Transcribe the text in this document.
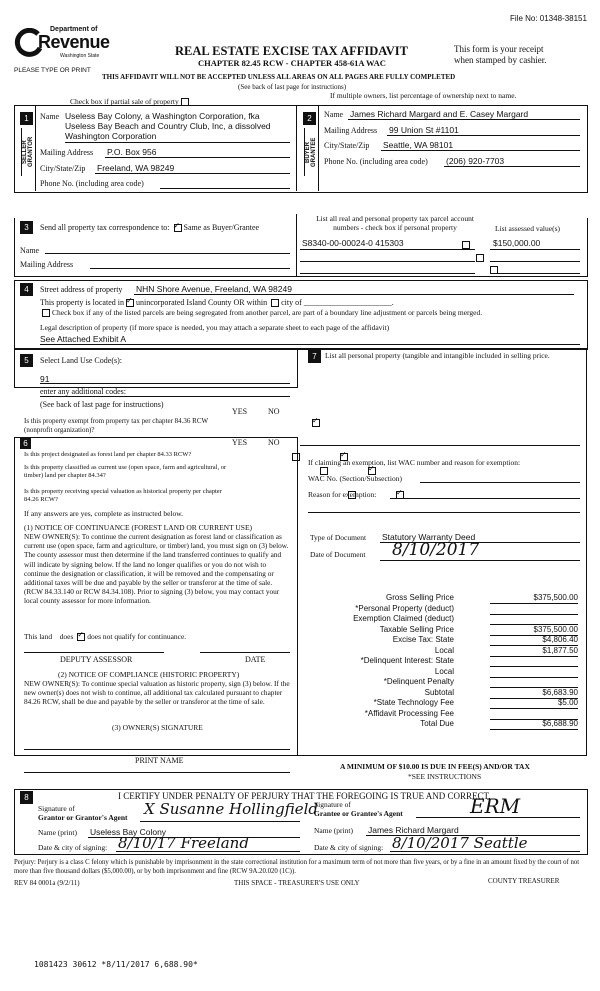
File No: 01348-38151
Department of
Revenue
Washington State
PLEASE TYPE OR PRINT
REAL ESTATE EXCISE TAX AFFIDAVIT
CHAPTER 82.45 RCW - CHAPTER 458-61A WAC
This form is your receipt
when stamped by cashier.
THIS AFFIDAVIT WILL NOT BE ACCEPTED UNLESS ALL AREAS ON ALL PAGES ARE FULLY COMPLETED
(See back of last page for instructions)
Check box if partial sale of property
If multiple owners, list percentage of ownership next to name.
1
SELLER GRANTOR
Name Useless Bay Colony, a Washington Corporation, fka
Useless Bay Beach and Country Club, Inc, a dissolved
Washington Corporation
Mailing Address P.O. Box 956
City/State/Zip Freeland, WA 98249
Phone No. (including area code)
2
BUYER GRANTEE
Name James Richard Margard and E. Casey Margard
Mailing Address 99 Union St #1101
City/State/Zip Seattle, WA 98101
Phone No. (including area code) (206) 920-7703
3	Send all property tax correspondence to: ✓ Same as Buyer/Grantee
Name
List all real and personal property tax parcel account
numbers - check box if personal property	List assessed value(s)
S8340-00-00024-0 415303
	$150,000.00

Mailing Address
4	Street address of property NHN Shore Avenue, Freeland, WA 98249
This property is located in ✓ unincorporated Island County OR within city of ______________________.
Check box if any of the listed parcels are being segregated from another parcel, are part of a boundary line adjustment or parcels being merged.
Legal description of property (if more space is needed, you may attach a separate sheet to each page of the affidavit)
See Attached Exhibit A
5	Select Land Use Code(s):
91
enter any additional codes:
(See back of last page for instructions)
YES	NO
Is this property exempt from property tax per chapter 84.36 RCW (nonprofit organization)?
✓
6	YES	NO
Is this project designated as forest land per chapter 84.33 RCW?
✓
Is this property classified as current use (open space, farm and agricultural, or timber) land per chapter 84.34?
✓
Is this property receiving special valuation as historical property per chapter 84.26 RCW?
✓
If any answers are yes, complete as instructed below.
(1) NOTICE OF CONTINUANCE (FOREST LAND OR CURRENT USE)
NEW OWNER(S): To continue the current designation as forest land or classification as current use (open space, farm and agriculture, or timber) land, you must sign on (3) below. The county assessor must then determine if the land transferred continues to qualify and will indicate by signing below. If the land no longer qualifies or you do not wish to continue the designation or classification, it will be removed and the compensating or additional taxes will be due and payable by the seller or transferor at the time of sale. (RCW 84.33.140 or RCW 84.34.108). Prior to signing (3) below, you may contact your local county assessor for more information.
This land does ✓ does not qualify for continuance.
DEPUTY ASSESSOR	DATE
(2) NOTICE OF COMPLIANCE (HISTORIC PROPERTY)
NEW OWNER(S): To continue special valuation as historic property, sign (3) below. If the new owner(s) does not wish to continue, all additional tax calculated pursuant to chapter 84.26 RCW, shall be due and payable by the seller or transferor at the time of sale.
(3) OWNER(S) SIGNATURE
PRINT NAME
7	List all personal property (tangible and intangible included in selling price.
If claiming an exemption, list WAC number and reason for exemption:
WAC No. (Section/Subsection)
Reason for exemption:
Type of Document Statutory Warranty Deed
Date of Document 8/10/2017
Gross Selling Price	$375,500.00
*Personal Property (deduct)
Exemption Claimed (deduct)
Taxable Selling Price	$375,500.00
Excise Tax: State	$4,806.40
Local	$1,877.50
*Delinquent Interest: State
Local
*Delinquent Penalty
Subtotal	$6,683.90
*State Technology Fee	$5.00
*Affidavit Processing Fee
Total Due	$6,688.90
A MINIMUM OF $10.00 IS DUE IN FEE(S) AND/OR TAX
*SEE INSTRUCTIONS
8	I CERTIFY UNDER PENALTY OF PERJURY THAT THE FOREGOING IS TRUE AND CORRECT.
Signature of
Grantor or Grantor's Agent X Susanne Hollingfield
Name (print) Useless Bay Colony
Date & city of signing: 8/10/17 Freeland
Signature of
Grantee or Grantee's Agent	ERM
Name (print) James Richard Margard
Date & city of signing: 8/10/2017 Seattle
Perjury: Perjury is a class C felony which is punishable by imprisonment in the state correctional institution for a maximum term of not more than five years, or by a fine in an amount fixed by the court of not more than five thousand dollars ($5,000.00), or by both imprisonment and fine (RCW 9A.20.020 (1C)).
REV 84 0001a (9/2/11)	THIS SPACE - TREASURER'S USE ONLY	COUNTY TREASURER
1081423 30612 *8/11/2017 6,688.90*
